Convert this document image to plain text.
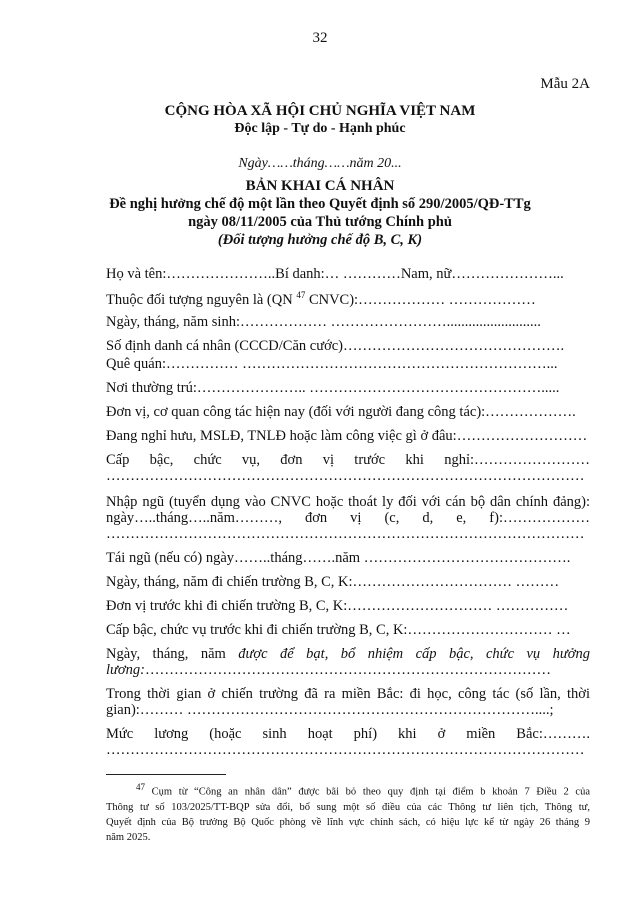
32
Mẫu 2A
CỘNG HÒA XÃ HỘI CHỦ NGHĨA VIỆT NAM
Độc lập - Tự do - Hạnh phúc
Ngày……tháng……năm 20...
BẢN KHAI CÁ NHÂN
Đề nghị hưởng chế độ một lần theo Quyết định số 290/2005/QĐ-TTg
ngày 08/11/2005 của Thủ tướng Chính phủ
(Đối tượng hưởng chế độ B, C, K)
Họ và tên:…………………..Bí danh:… …………Nam, nữ…………………...
Thuộc đối tượng nguyên là (QN $^{47}$ CNVC):……………… ………………
Ngày, tháng, năm sinh:……………… ……………………..........................
Số định danh cá nhân (CCCD/Căn cước)……………………………………….
Quê quán:…………… ………………………………………………………...
Nơi thường trú:………………….. ………………………………………….....
Đơn vị, cơ quan công tác hiện nay (đối với người đang công tác):……………….
Đang nghỉ hưu, MSLĐ, TNLĐ hoặc làm công việc gì ở đâu:………………………
Cấp bậc, chức vụ, đơn vị trước khi nghỉ:……………………
………………………………………………………………………………………
Nhập ngũ (tuyển dụng vào CNVC hoặc thoát ly đối với cán bộ dân chính đảng):
ngày…..tháng…..năm………, đơn vị (c, d, e, f):………………
………………………………………………………………………………………
Tái ngũ (nếu có) ngày……..tháng…….năm …………………………………….
Ngày, tháng, năm đi chiến trường B, C, K:…………………………… ………
Đơn vị trước khi đi chiến trường B, C, K:………………………… ……………
Cấp bậc, chức vụ trước khi đi chiến trường B, C, K:………………………… …
Ngày, tháng, năm được để bạt, bổ nhiệm cấp bậc, chức vụ hưởng
lương:…………………………………………………………………………
Trong thời gian ở chiến trường đã ra miền Bắc: đi học, công tác (số lần, thời
gian):……… ………………………………………………………………....;
Mức lương (hoặc sinh hoạt phí) khi ở miền Bắc:……….
………………………………………………………………………………………
47 Cụm từ “Công an nhân dân” được bãi bỏ theo quy định tại điểm b khoản 7 Điều 2 của
Thông tư số 103/2025/TT-BQP sửa đổi, bổ sung một số điều của các Thông tư liên tịch, Thông tư,
Quyết định của Bộ trưởng Bộ Quốc phòng về lĩnh vực chính sách, có hiệu lực kể từ ngày 26 tháng 9
năm 2025.
